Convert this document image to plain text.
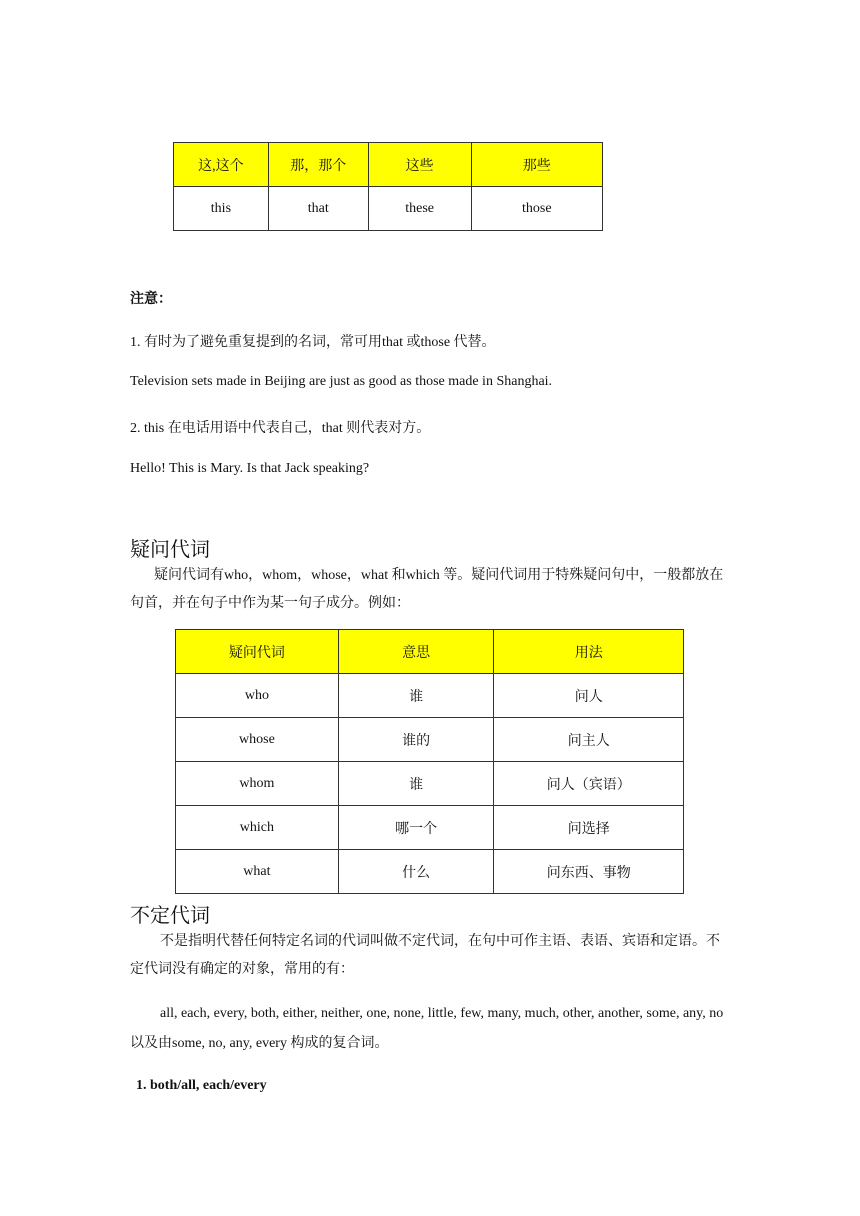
这,这个	那，那个	这些	那些
this	that	these	those
注意：
1. 有时为了避免重复提到的名词，常可用that 或those 代替。
Television sets made in Beijing are just as good as those made in Shanghai.
2. this 在电话用语中代表自己，that 则代表对方。
Hello! This is Mary. Is that Jack speaking?
疑问代词
疑问代词有who，whom，whose，what 和which 等。疑问代词用于特殊疑问句中，一般都放在句首，并在句子中作为某一句子成分。例如：
疑问代词	意思	用法
who	谁	问人
whose	谁的	问主人
whom	谁	问人（宾语）
which	哪一个	问选择
what	什么	问东西、事物
不定代词
不是指明代替任何特定名词的代词叫做不定代词，在句中可作主语、表语、宾语和定语。不定代词没有确定的对象，常用的有：
all, each, every, both, either, neither, one, none, little, few, many, much, other, another, some, any, no 以及由some, no, any, every 构成的复合词。
1. both/all, each/every
